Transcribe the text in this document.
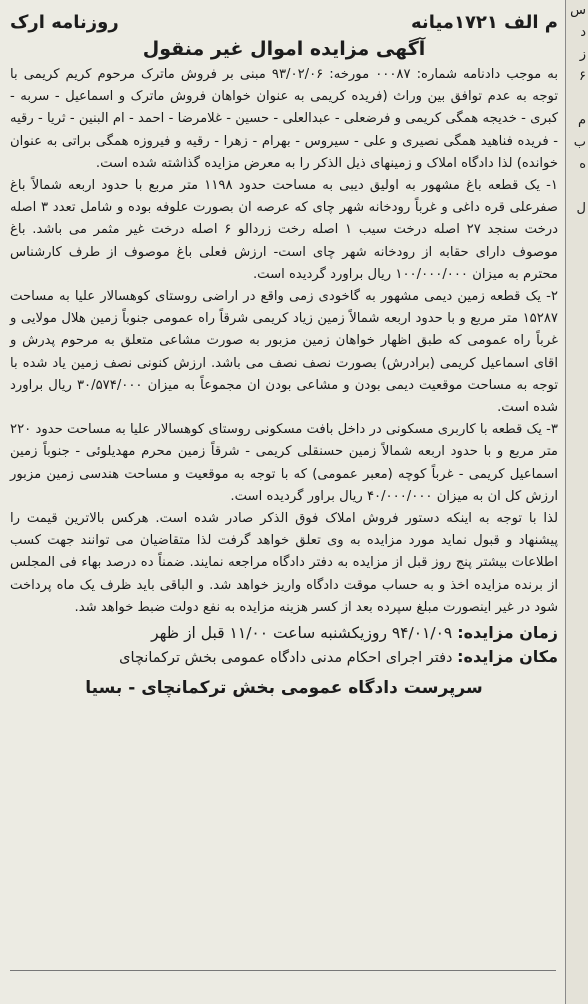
س
د
ز
۶

م
ب
ه

ل
م الف ۱۷۲۱میانه
روزنامه ارک
آگهی مزایده اموال غیر منقول

به موجب دادنامه شماره: ۰۰۰۸۷ مورخه: ۹۳/۰۲/۰۶ مبنی بر فروش ماترک مرحوم کریم کریمی با توجه به عدم توافق بین وراث (فریده کریمی به عنوان خواهان فروش ماترک و اسماعیل - سربه - کبری - خدیجه همگی کریمی و فرضعلی - عبدالعلی - حسین - غلامرضا - احمد - ام البنین - ثریا - رقیه - فریده فناهید همگی نصیری و علی - سیروس - بهرام - زهرا - رقیه و فیروزه همگی براتی به عنوان خوانده) لذا دادگاه املاک و زمینهای ذیل الذکر را به معرض مزایده گذاشته شده است.

۱- یک قطعه باغ مشهور به اولیق دیبی به مساحت حدود ۱۱۹۸ متر مربع با حدود اربعه شمالاً باغ صفرعلی قره داغی و غرباً رودخانه شهر چای که عرصه ان بصورت علوفه بوده و شامل تعدد ۳ اصله درخت سنجد ۲۷ اصله درخت سیب ۱ اصله رخت زردالو ۶ اصله درخت غیر مثمر می باشد. باغ موصوف دارای حقابه از رودخانه شهر چای است- ارزش فعلی باغ موصوف از طرف کارشناس محترم به میزان ۱۰۰/۰۰۰/۰۰۰ ریال براورد گردیده است.

۲- یک قطعه زمین دیمی مشهور به گاخودی زمی واقع در اراضی روستای کوهسالار علیا به مساحت ۱۵۲۸۷ متر مربع و با حدود اربعه شمالاً زمین زیاد کریمی شرقاً راه عمومی جنوباً زمین هلال مولایی و غرباً راه عمومی که طبق اظهار خواهان زمین مزبور به صورت مشاعی متعلق به مرحوم پدرش و اقای اسماعیل کریمی (برادرش) بصورت نصف نصف می باشد. ارزش کنونی نصف زمین یاد شده با توجه به مساحت موقعیت دیمی بودن و مشاعی بودن ان مجموعاً به میزان ۳۰/۵۷۴/۰۰۰ ریال براورد شده است.

۳- یک قطعه با کاربری مسکونی در داخل بافت مسکونی روستای کوهسالار علیا به مساحت حدود ۲۲۰ متر مربع و با حدود اربعه شمالاً زمین حسنقلی کریمی - شرقاً زمین محرم مهدیلوئی - جنوباً زمین اسماعیل کریمی - غرباً کوچه (معبر عمومی) که با توجه به موقعیت و مساحت هندسی زمین مزبور ارزش کل ان به میزان ۴۰/۰۰۰/۰۰۰ ریال براور گردیده است.

لذا با توجه به اینکه دستور فروش املاک فوق الذکر صادر شده است. هرکس بالاترین قیمت را پیشنهاد و قبول نماید مورد مزایده به وی تعلق خواهد گرفت لذا متقاضیان می توانند جهت کسب اطلاعات بیشتر پنج روز قبل از مزایده به دفتر دادگاه مراجعه نمایند. ضمناً ده درصد بهاء فی المجلس از برنده مزایده اخذ و به حساب موقت دادگاه واریز خواهد شد. و الباقی باید ظرف یک ماه پرداخت شود در غیر اینصورت مبلغ سپرده بعد از کسر هزینه مزایده به نفع دولت ضبط خواهد شد.

زمان مزایده: ۹۴/۰۱/۰۹ روزیکشنبه ساعت ۱۱/۰۰ قبل از ظهر
مکان مزایده: دفتر اجرای احکام مدنی دادگاه عمومی بخش ترکمانچای
سرپرست دادگاه عمومی بخش ترکمانچای - بسیا
